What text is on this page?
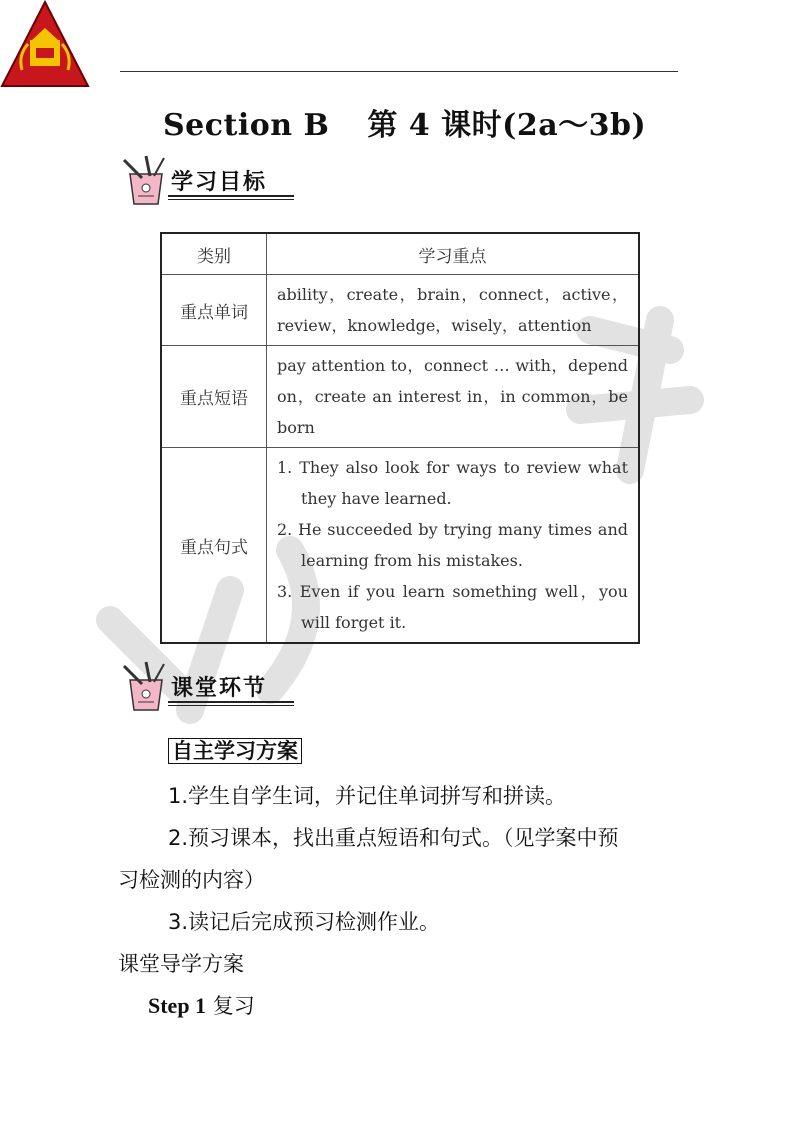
Section B 第 4 课时(2a～3b)
学习目标
类别	学习重点
重点单词	ability，create，brain，connect，active，review，knowledge，wisely，attention
重点短语	pay attention to，connect … with，depend on，create an interest in，in common，be born
重点句式	1. They also look for ways to review what they have learned.
2. He succeeded by trying many times and learning from his mistakes.
3. Even if you learn something well，you will forget it.
课堂环节
自主学习方案
1.学生自学生词，并记住单词拼写和拼读。
2.预习课本，找出重点短语和句式。（见学案中预
习检测的内容）
3.读记后完成预习检测作业。
课堂导学方案
Step 1 复习
